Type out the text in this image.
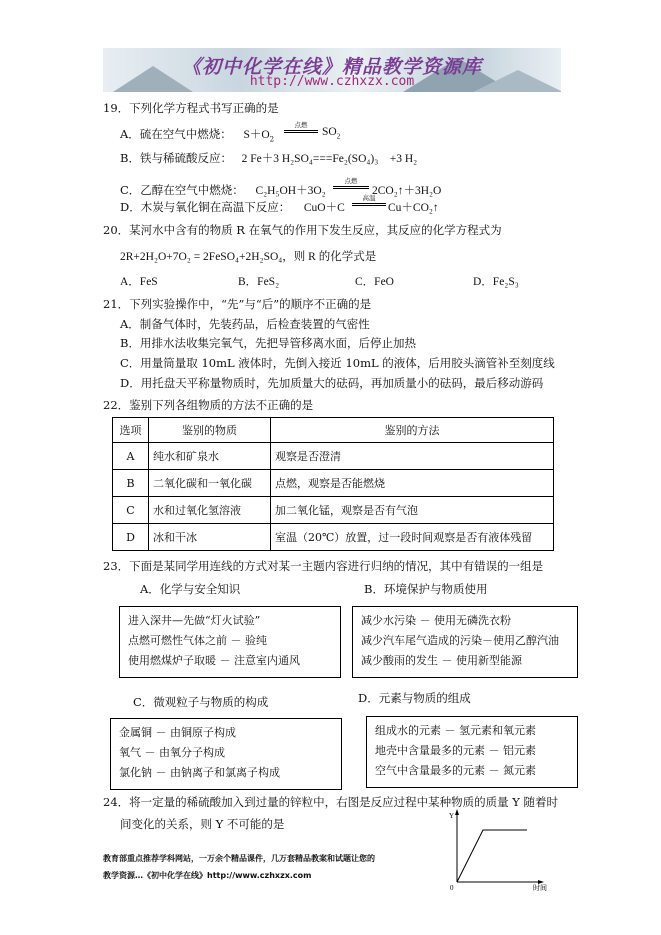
《初中化学在线》精品教学资源库
http://www.czhxzx.com
19．下列化学方程式书写正确的是
A．硫在空气中燃烧： $S+O_2$
点燃
$SO_2$
B．铁与稀硫酸反应： 2 Fe＋3 H₂SO₄===Fe₂(SO₄)₃　+3 H₂
C．乙醇在空气中燃烧： C₂H₅OH＋3O₂
点燃
2CO₂↑＋3H₂O
D．木炭与氧化铜在高温下反应： CuO＋C
高温
Cu＋CO₂↑
20．某河水中含有的物质 R 在氧气的作用下发生反应，其反应的化学方程式为
2R+2H₂O+7O₂ = 2FeSO₄+2H₂SO₄，则 R 的化学式是
A．FeS	B．FeS₂	C．FeO	D．Fe₂S₃
21．下列实验操作中，“先”与“后”的顺序不正确的是
A．制备气体时，先装药品，后检查装置的气密性
B．用排水法收集完氧气，先把导管移离水面，后停止加热
C．用量筒量取 10mL 液体时，先倒入接近 10mL 的液体，后用胶头滴管补至刻度线
D．用托盘天平称量物质时，先加质量大的砝码，再加质量小的砝码，最后移动游码
22．鉴别下列各组物质的方法不正确的是
选项	鉴别的物质	鉴别的方法
A	纯水和矿泉水	观察是否澄清
B	二氧化碳和一氧化碳	点燃，观察是否能燃烧
C	水和过氧化氢溶液	加二氧化锰，观察是否有气泡
D	冰和干冰	室温（20℃）放置，过一段时间观察是否有液体残留
23．下面是某同学用连线的方式对某一主题内容进行归纳的情况，其中有错误的一组是
A．化学与安全知识	B．环境保护与物质使用
进入深井—先做“灯火试验”
点燃可燃性气体之前 － 验纯
使用燃煤炉子取暖 － 注意室内通风
减少水污染 － 使用无磷洗衣粉
减少汽车尾气造成的污染－使用乙醇汽油
减少酸雨的发生 － 使用新型能源
C．微观粒子与物质的构成	D．元素与物质的组成
金属铜 － 由铜原子构成
氧气 － 由氧分子构成
氯化钠 － 由钠离子和氯离子构成
组成水的元素 － 氢元素和氧元素
地壳中含量最多的元素 － 铝元素
空气中含量最多的元素 － 氮元素
24．将一定量的稀硫酸加入到过量的锌粒中，右图是反应过程中某种物质的质量 Y 随着时
间变化的关系，则 Y 不可能的是
Y
0	时间
教育部重点推荐学科网站，一万余个精品课件，几万套精品教案和试题让您的
教学资源…《初中化学在线》http://www.czhxzx.com
